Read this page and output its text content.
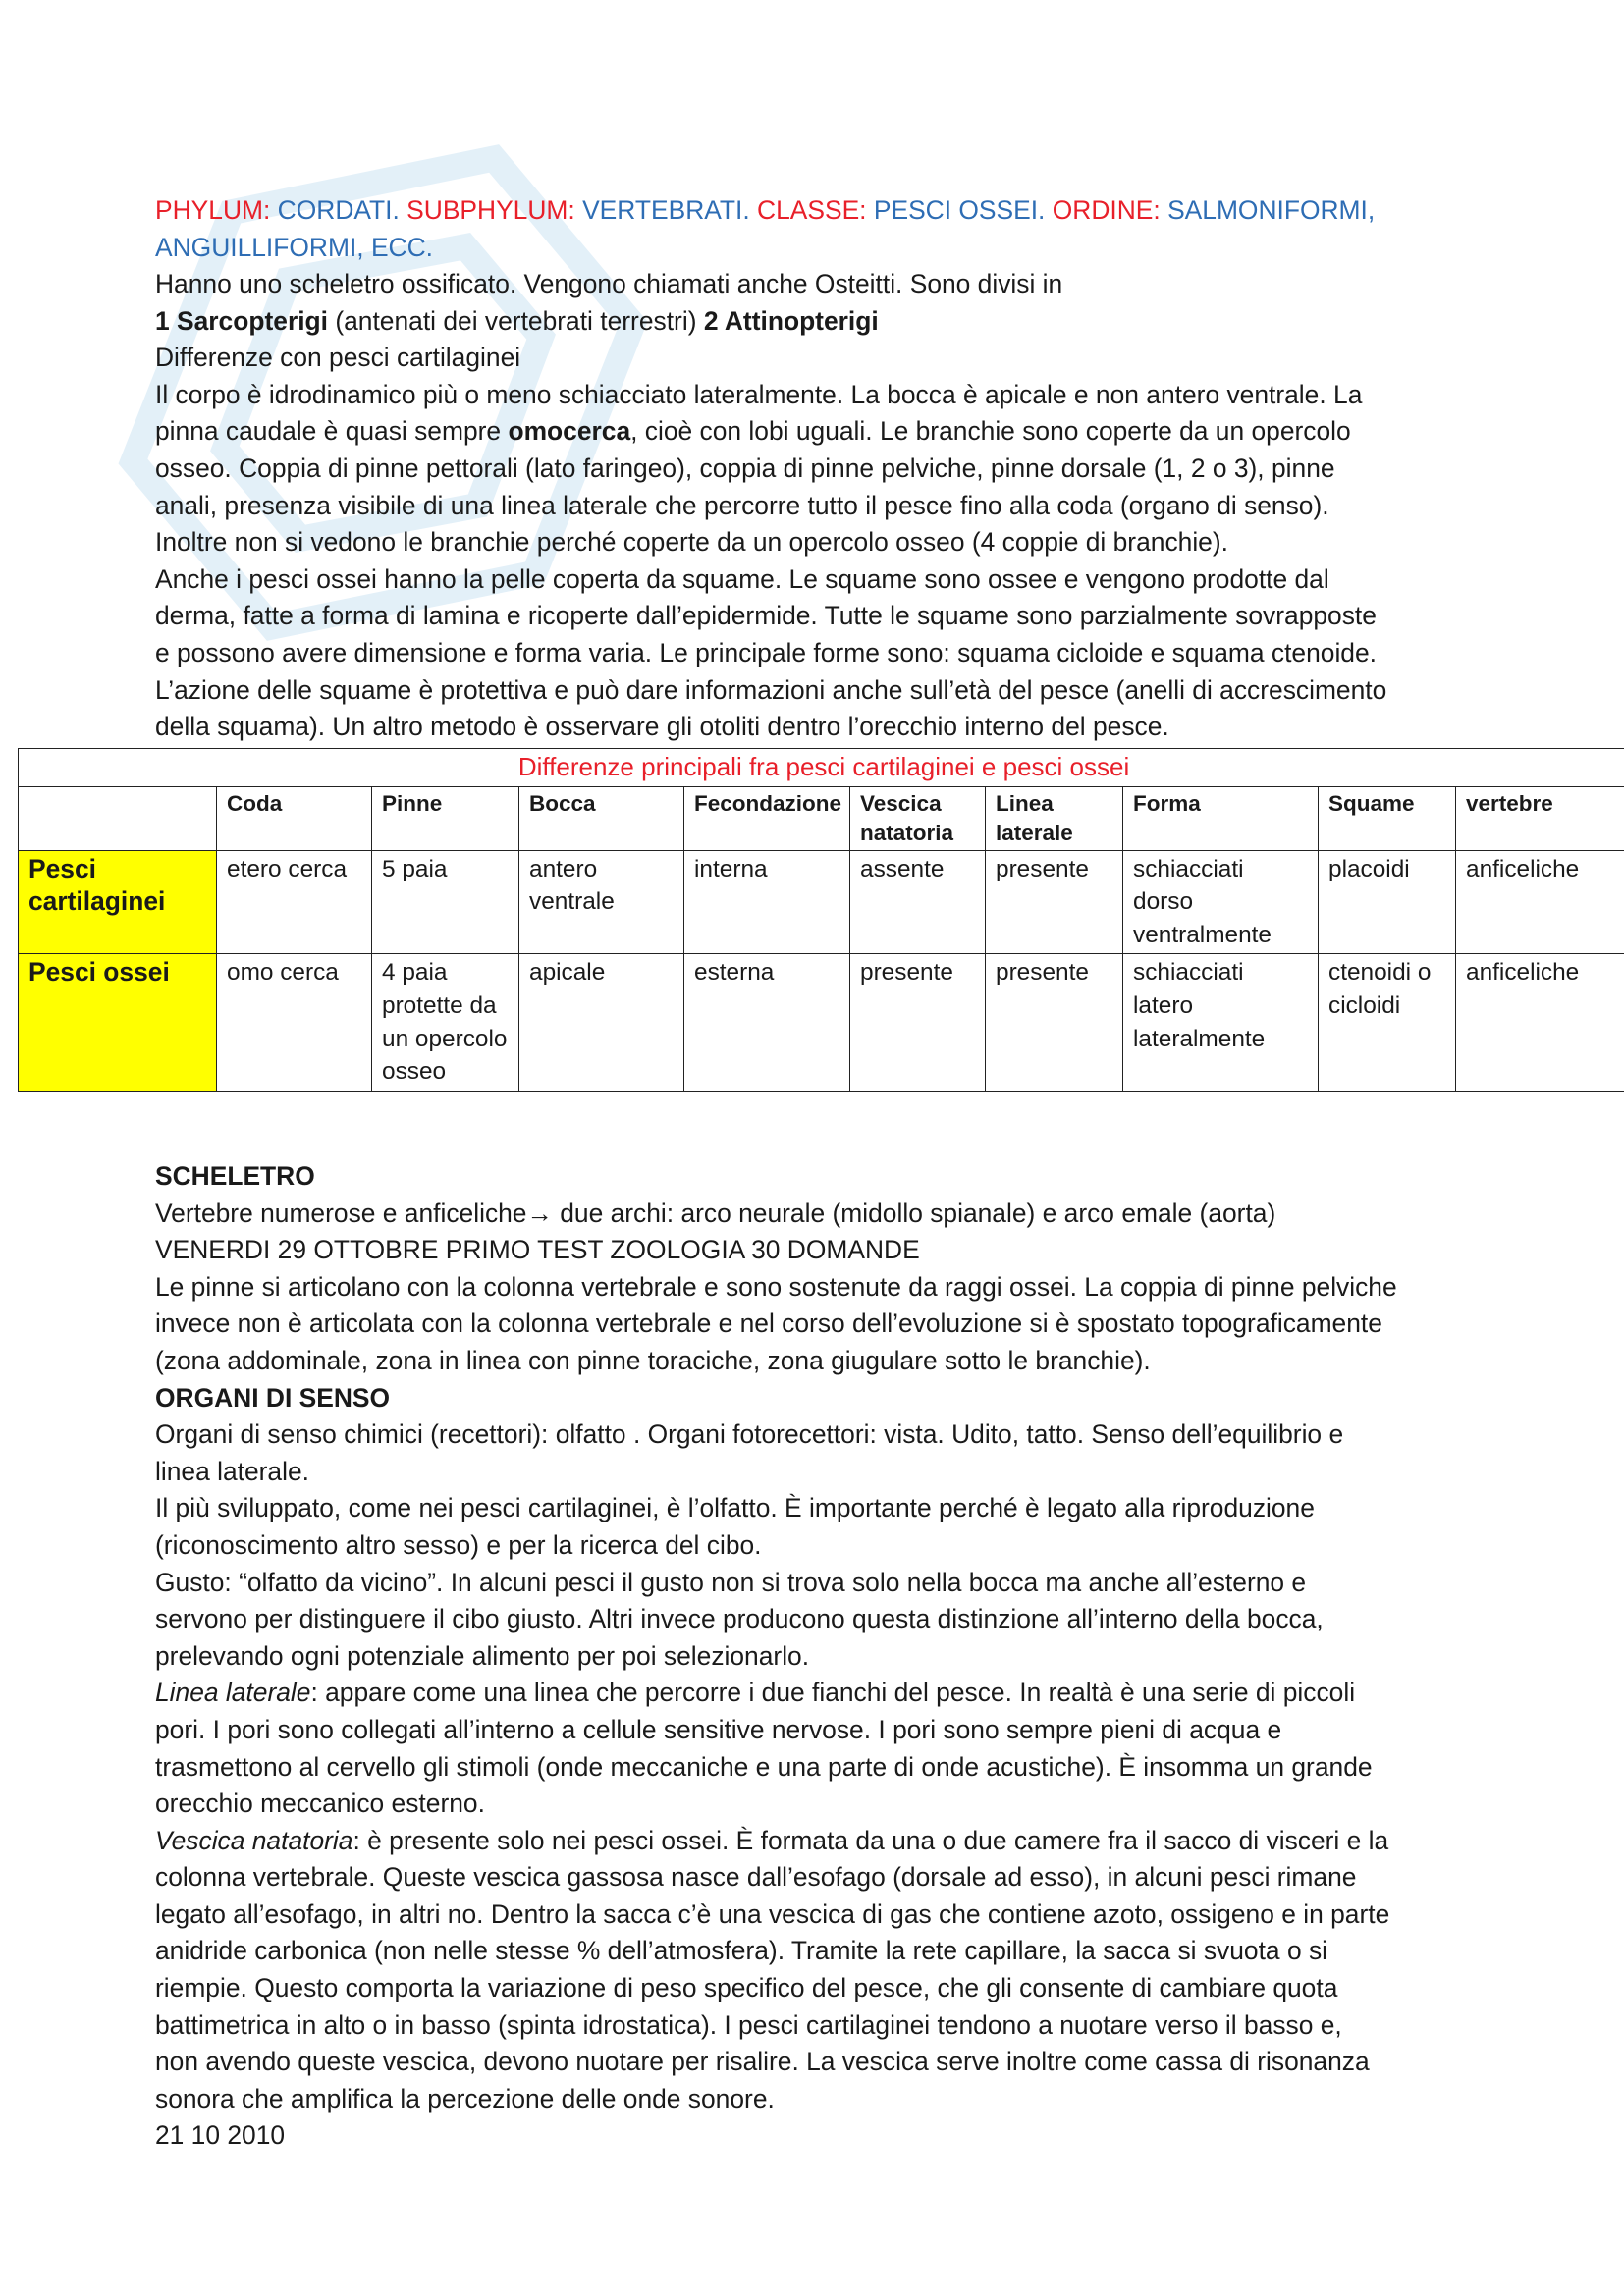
PHYLUM: CORDATI. SUBPHYLUM: VERTEBRATI. CLASSE: PESCI OSSEI. ORDINE: SALMONIFORMI,
ANGUILLIFORMI, ECC.
Hanno uno scheletro ossificato. Vengono chiamati anche Osteitti. Sono divisi in
1 Sarcopterigi (antenati dei vertebrati terrestri) 2 Attinopterigi
Differenze con pesci cartilaginei
Il corpo è idrodinamico più o meno schiacciato lateralmente. La bocca è apicale e non antero ventrale. La
pinna caudale è quasi sempre omocerca, cioè con lobi uguali. Le branchie sono coperte da un opercolo
osseo. Coppia di pinne pettorali (lato faringeo), coppia di pinne pelviche, pinne dorsale (1, 2 o 3), pinne
anali, presenza visibile di una linea laterale che percorre tutto il pesce fino alla coda (organo di senso).
Inoltre non si vedono le branchie perché coperte da un opercolo osseo (4 coppie di branchie).
Anche i pesci ossei hanno la pelle coperta da squame. Le squame sono ossee e vengono prodotte dal
derma, fatte a forma di lamina e ricoperte dall’epidermide. Tutte le squame sono parzialmente sovrapposte
e possono avere dimensione e forma varia. Le principale forme sono: squama cicloide e squama ctenoide.
L’azione delle squame è protettiva e può dare informazioni anche sull’età del pesce (anelli di accrescimento
della squama). Un altro metodo è osservare gli otoliti dentro l’orecchio interno del pesce.
Differenze principali fra pesci cartilaginei e pesci ossei									
	Coda	Pinne	Bocca	Fecondazione	Vescica natatoria	Linea laterale	Forma	Squame	vertebre
Pesci cartilaginei	etero cerca	5 paia	antero ventrale	interna	assente	presente	schiacciati dorso ventralmente	placoidi	anficeliche
Pesci ossei	omo cerca	4 paia protette da un opercolo osseo	apicale	esterna	presente	presente	schiacciati latero lateralmente	ctenoidi o cicloidi	anficeliche
SCHELETRO
Vertebre numerose e anficeliche→ due archi: arco neurale (midollo spianale) e arco emale (aorta)
VENERDI 29 OTTOBRE PRIMO TEST ZOOLOGIA 30 DOMANDE
Le pinne si articolano con la colonna vertebrale e sono sostenute da raggi ossei. La coppia di pinne pelviche
invece non è articolata con la colonna vertebrale e nel corso dell’evoluzione si è spostato topograficamente
(zona addominale, zona in linea con pinne toraciche, zona giugulare sotto le branchie).
ORGANI DI SENSO
Organi di senso chimici (recettori): olfatto . Organi fotorecettori: vista. Udito, tatto. Senso dell’equilibrio e
linea laterale.
Il più sviluppato, come nei pesci cartilaginei, è l’olfatto. È importante perché è legato alla riproduzione
(riconoscimento altro sesso) e per la ricerca del cibo.
Gusto: “olfatto da vicino”. In alcuni pesci il gusto non si trova solo nella bocca ma anche all’esterno e
servono per distinguere il cibo giusto. Altri invece producono questa distinzione all’interno della bocca,
prelevando ogni potenziale alimento per poi selezionarlo.
Linea laterale: appare come una linea che percorre i due fianchi del pesce. In realtà è una serie di piccoli
pori. I pori sono collegati all’interno a cellule sensitive nervose. I pori sono sempre pieni di acqua e
trasmettono al cervello gli stimoli (onde meccaniche e una parte di onde acustiche). È insomma un grande
orecchio meccanico esterno.
Vescica natatoria: è presente solo nei pesci ossei. È formata da una o due camere fra il sacco di visceri e la
colonna vertebrale. Queste vescica gassosa nasce dall’esofago (dorsale ad esso), in alcuni pesci rimane
legato all’esofago, in altri no. Dentro la sacca c’è una vescica di gas che contiene azoto, ossigeno e in parte
anidride carbonica (non nelle stesse % dell’atmosfera). Tramite la rete capillare, la sacca si svuota o si
riempie. Questo comporta la variazione di peso specifico del pesce, che gli consente di cambiare quota
battimetrica in alto o in basso (spinta idrostatica). I pesci cartilaginei tendono a nuotare verso il basso e,
non avendo queste vescica, devono nuotare per risalire. La vescica serve inoltre come cassa di risonanza
sonora che amplifica la percezione delle onde sonore.
21 10 2010
